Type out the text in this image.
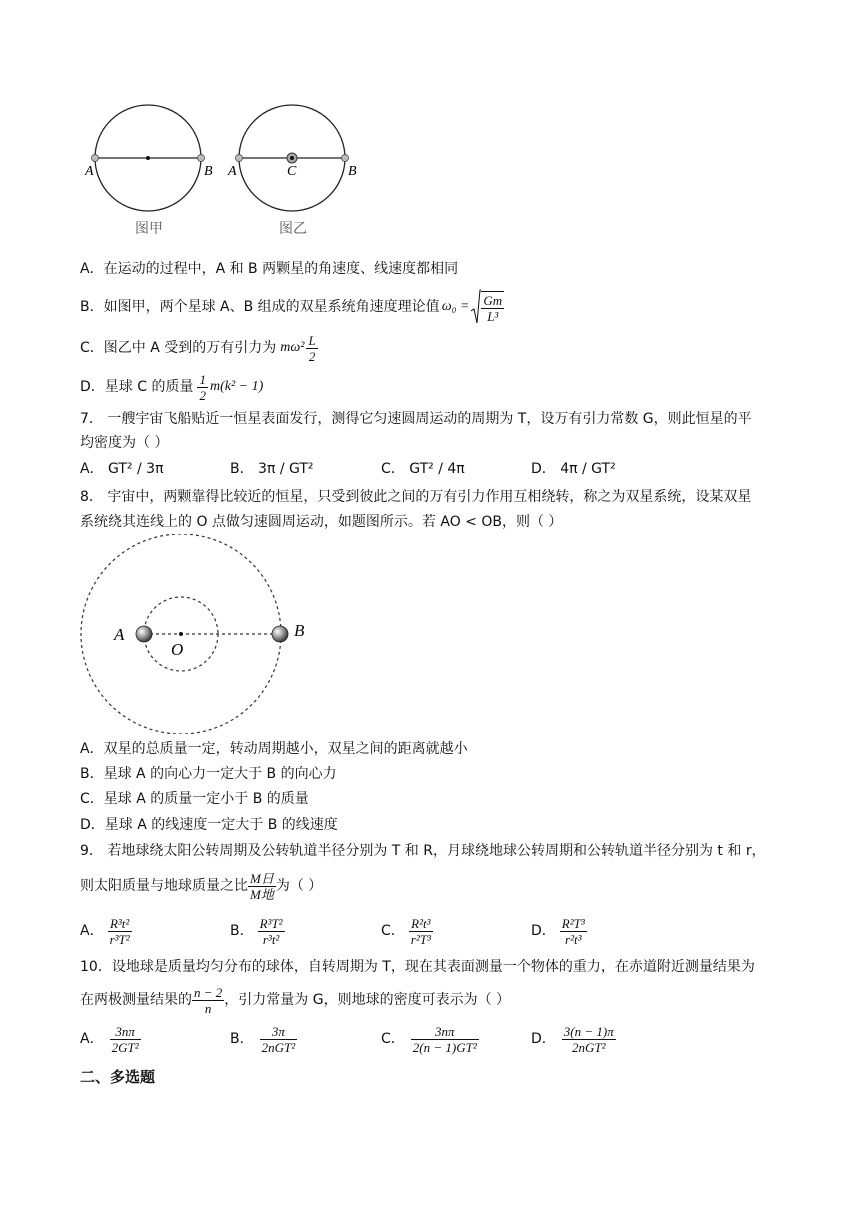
A	B
图甲
A	C	B
图乙
A．在运动的过程中，A 和 B 两颗星的角速度、线速度都相同
B．如图甲，两个星球 A、B 组成的双星系统角速度理论值 $\omega_0 = \frac{Gm}{\text{L³}}$
C．图乙中 A 受到的万有引力为 $m\omega^2 \frac{L}{2}$
D．星球 C 的质量 $\frac{1}{2} m(k^2 - 1)$
7． 一艘宇宙飞船贴近一恒星表面发行，测得它匀速圆周运动的周期为 T，设万有引力常数 G，则此恒星的平
均密度为（ ）
A． GT² / 3π	B． 3π / GT²	C． GT² / 4π	D． 4π / GT²
8． 宇宙中，两颗靠得比较近的恒星，只受到彼此之间的万有引力作用互相绕转，称之为双星系统，设某双星
系统绕其连线上的 O 点做匀速圆周运动，如题图所示。若 AO < OB，则（ ）
A
O
B
A．双星的总质量一定，转动周期越小，双星之间的距离就越小
B．星球 A 的向心力一定大于 B 的向心力
C．星球 A 的质量一定小于 B 的质量
D．星球 A 的线速度一定大于 B 的线速度
9． 若地球绕太阳公转周期及公转轨道半径分别为 T 和 R，月球绕地球公转周期和公转轨道半径分别为 t 和 r，
则太阳质量与地球质量之比 $\frac{\text{M日}}{\text{M地}}$ 为（ ）
A． $\frac{\text{R³t²}}{\text{r³T²}}$	B． $\frac{\text{R³T²}}{\text{r³t²}}$	C． $\frac{\text{R²t³}}{\text{r²T³}}$	D． $\frac{\text{R²T³}}{\text{r²t³}}$
10．设地球是质量均匀分布的球体，自转周期为 T，现在其表面测量一个物体的重力，在赤道附近测量结果为
在两极测量结果的 $\frac{n - 2}{n}$ ，引力常量为 G，则地球的密度可表示为（ ）
A． $\frac{3n\pi}{\text{2GT²}}$	B． $\frac{3\pi}{\text{2nGT²}}$	C． $\frac{3n\pi}{\text{2(n − 1)GT²}}$	D． $\frac{3(n - 1)\pi}{\text{2nGT²}}$
二、多选题
